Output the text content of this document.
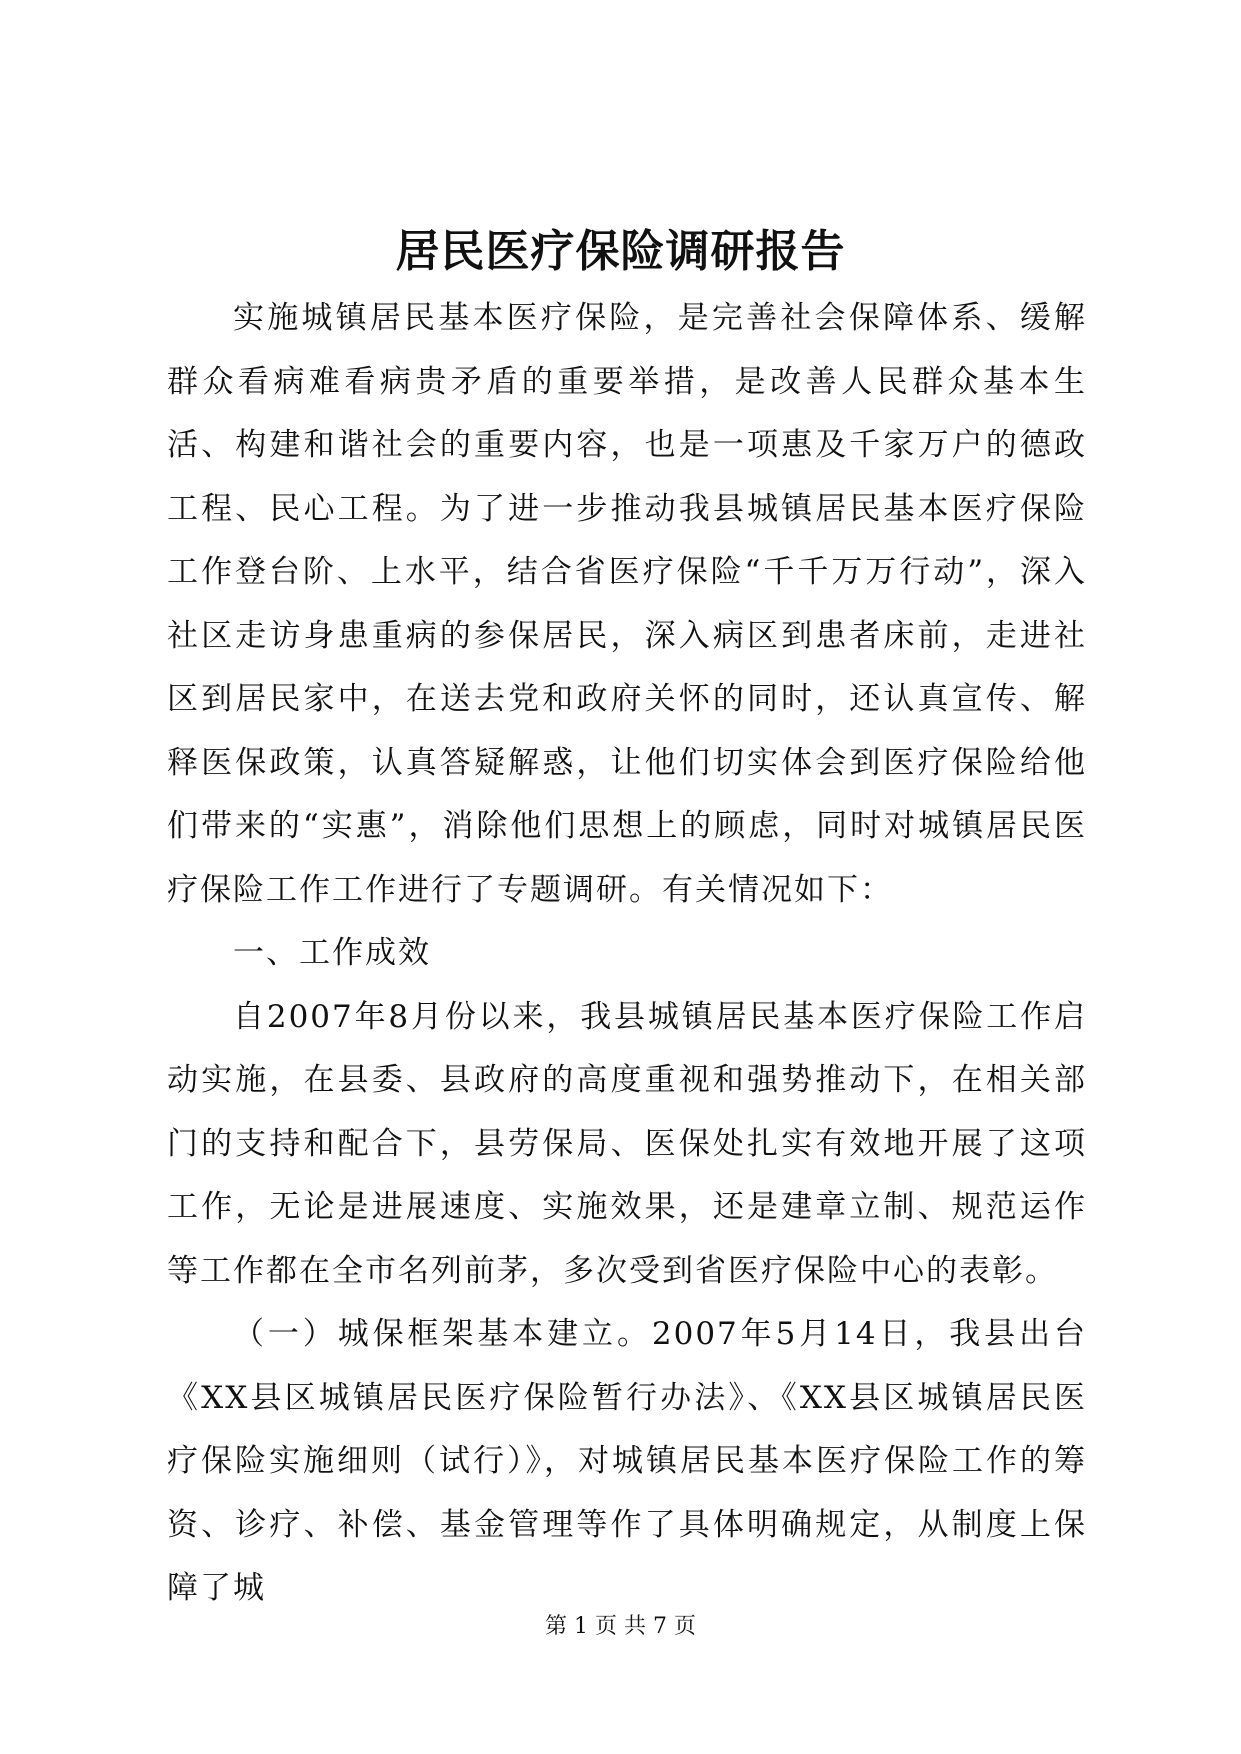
居民医疗保险调研报告

实施城镇居民基本医疗保险，是完善社会保障体系、缓解群众看病难看病贵矛盾的重要举措，是改善人民群众基本生活、构建和谐社会的重要内容，也是一项惠及千家万户的德政工程、民心工程。为了进一步推动我县城镇居民基本医疗保险工作登台阶、上水平，结合省医疗保险“千千万万行动”，深入社区走访身患重病的参保居民，深入病区到患者床前，走进社区到居民家中，在送去党和政府关怀的同时，还认真宣传、解释医保政策，认真答疑解惑，让他们切实体会到医疗保险给他们带来的“实惠”，消除他们思想上的顾虑，同时对城镇居民医疗保险工作工作进行了专题调研。有关情况如下：

一、工作成效

自2007年8月份以来，我县城镇居民基本医疗保险工作启动实施，在县委、县政府的高度重视和强势推动下，在相关部门的支持和配合下，县劳保局、医保处扎实有效地开展了这项工作，无论是进展速度、实施效果，还是建章立制、规范运作等工作都在全市名列前茅，多次受到省医疗保险中心的表彰。

（一）城保框架基本建立。2007年5月14日，我县出台《XX县区城镇居民医疗保险暂行办法》、《XX县区城镇居民医疗保险实施细则（试行）》，对城镇居民基本医疗保险工作的筹资、诊疗、补偿、基金管理等作了具体明确规定，从制度上保障了城

第 1 页 共 7 页
